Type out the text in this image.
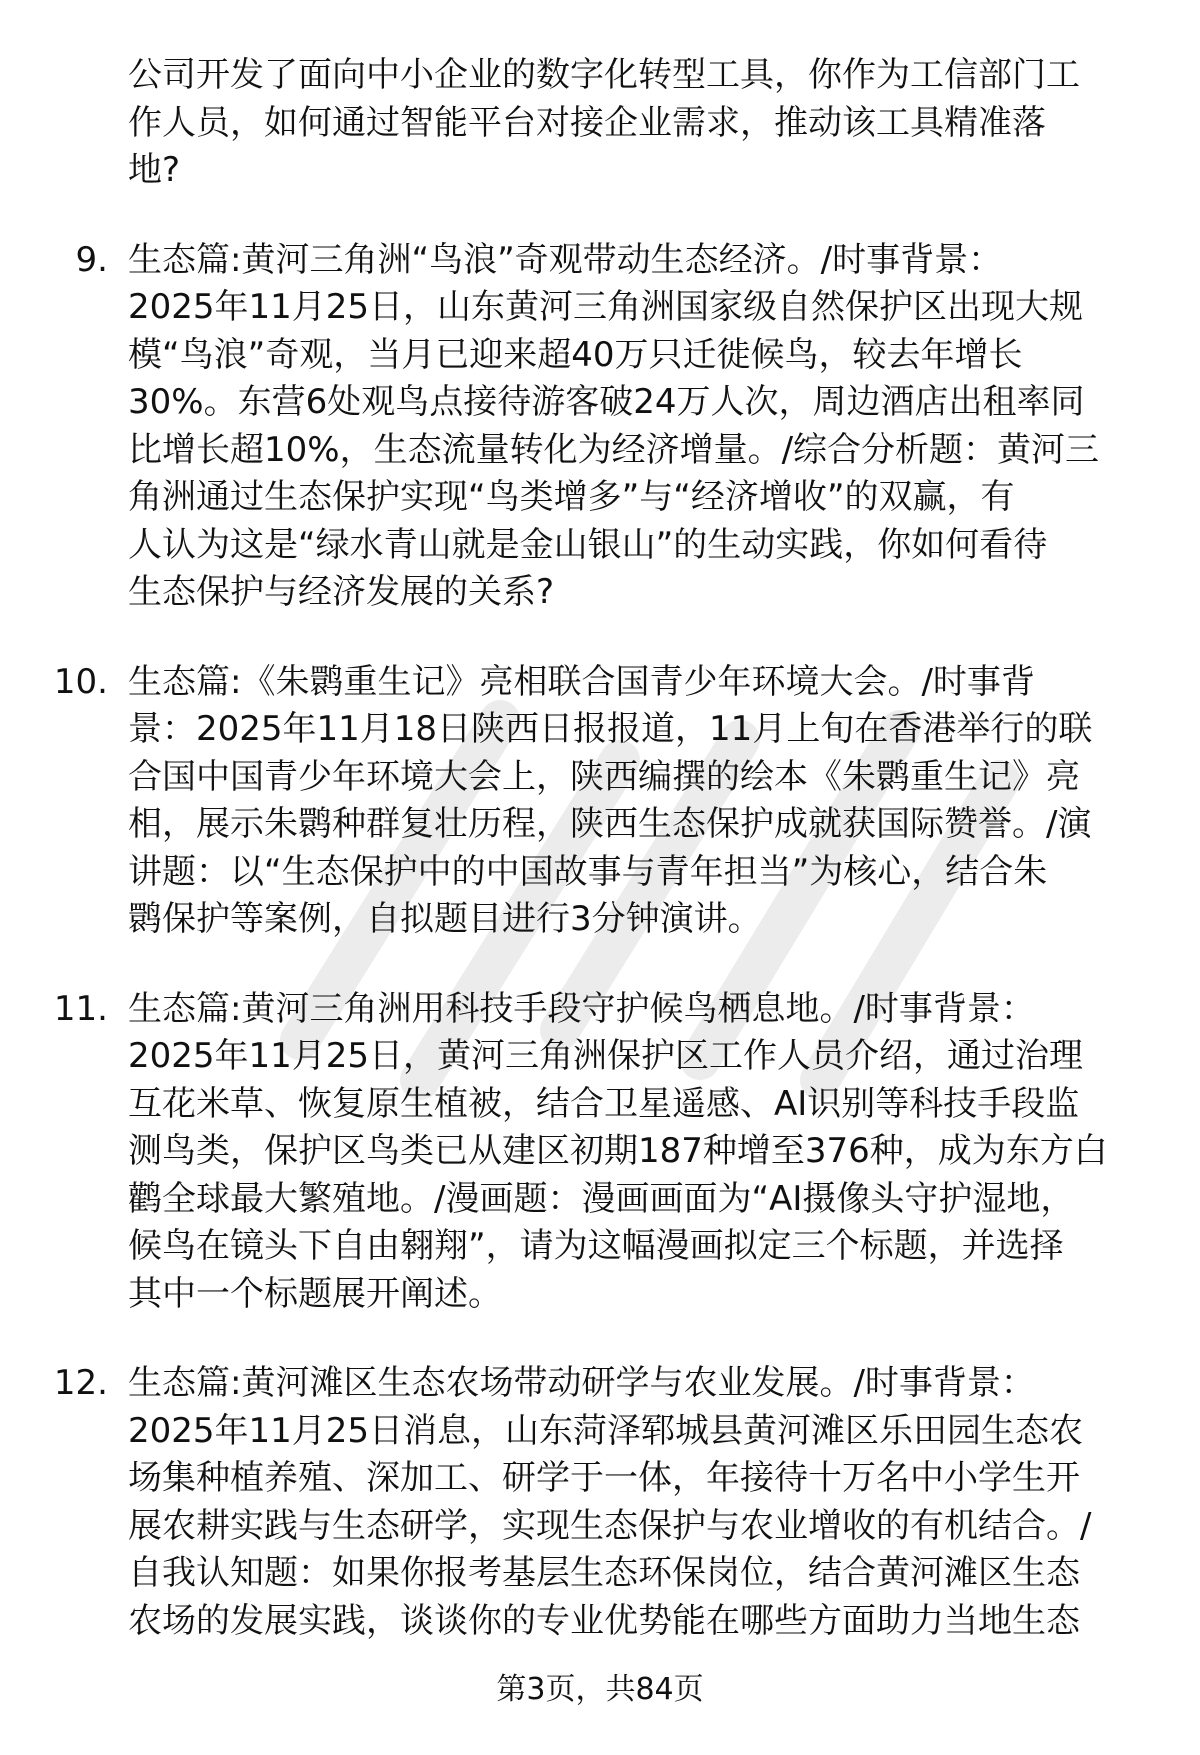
公司开发了面向中小企业的数字化转型工具，你作为工信部门工
作人员，如何通过智能平台对接企业需求，推动该工具精准落
地?

9. 生态篇:黄河三角洲“鸟浪”奇观带动生态经济。/时事背景：
2025年11月25日，山东黄河三角洲国家级自然保护区出现大规
模“鸟浪”奇观，当月已迎来超40万只迁徙候鸟，较去年增长
30%。东营6处观鸟点接待游客破24万人次，周边酒店出租率同
比增长超10%，生态流量转化为经济增量。/综合分析题：黄河三
角洲通过生态保护实现“鸟类增多”与“经济增收”的双赢，有
人认为这是“绿水青山就是金山银山”的生动实践，你如何看待
生态保护与经济发展的关系?
10. 生态篇:《朱鹮重生记》亮相联合国青少年环境大会。/时事背
景：2025年11月18日陕西日报报道，11月上旬在香港举行的联
合国中国青少年环境大会上，陕西编撰的绘本《朱鹮重生记》亮
相，展示朱鹮种群复壮历程，陕西生态保护成就获国际赞誉。/演
讲题：以“生态保护中的中国故事与青年担当”为核心，结合朱
鹮保护等案例，自拟题目进行3分钟演讲。
11. 生态篇:黄河三角洲用科技手段守护候鸟栖息地。/时事背景：
2025年11月25日，黄河三角洲保护区工作人员介绍，通过治理
互花米草、恢复原生植被，结合卫星遥感、AI识别等科技手段监
测鸟类，保护区鸟类已从建区初期187种增至376种，成为东方白
鹳全球最大繁殖地。/漫画题：漫画画面为“AI摄像头守护湿地，
候鸟在镜头下自由翱翔”，请为这幅漫画拟定三个标题，并选择
其中一个标题展开阐述。
12. 生态篇:黄河滩区生态农场带动研学与农业发展。/时事背景：
2025年11月25日消息，山东菏泽郓城县黄河滩区乐田园生态农
场集种植养殖、深加工、研学于一体，年接待十万名中小学生开
展农耕实践与生态研学，实现生态保护与农业增收的有机结合。/
自我认知题：如果你报考基层生态环保岗位，结合黄河滩区生态
农场的发展实践，谈谈你的专业优势能在哪些方面助力当地生态
第3页，共84页
